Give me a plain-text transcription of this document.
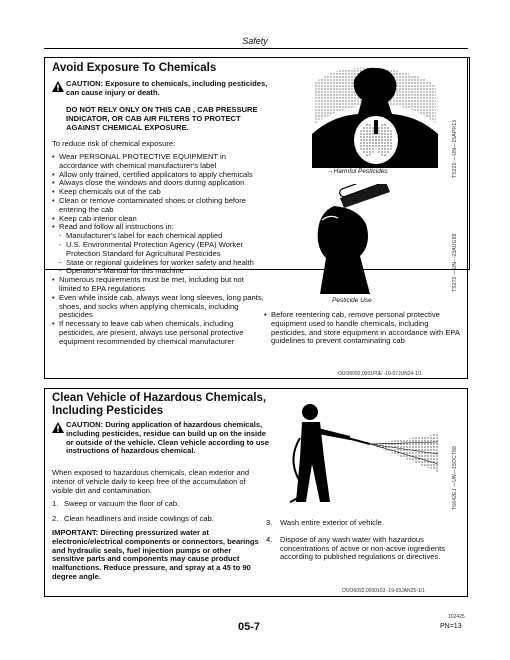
Safety
Avoid Exposure To Chemicals
CAUTION: Exposure to chemicals, including pesticides, can cause injury or death.
DO NOT RELY ONLY ON THIS CAB , CAB PRESSURE INDICATOR, OR CAB AIR FILTERS TO PROTECT AGAINST CHEMICAL EXPOSURE.
To reduce risk of chemical exposure:
• Wear PERSONAL PROTECTIVE EQUIPMENT in accordance with chemical manufacturer's label
• Allow only trained, certified applicators to apply chemicals
• Always close the windows and doors during application
• Keep chemicals out of the cab
• Clean or remove contaminated shoes or clothing before entering the cab
• Keep cab interior clean
• Read and follow all instructions in:
- Manufacturer's label for each chemical applied
- U.S. Environmental Protection Agency (EPA) Worker Protection Standard for Agricultural Pesticides
- State or regional guidelines for worker safety and health
- Operator's Manual for this machine
• Numerous requirements must be met, including but not limited to EPA regulations
• Even while inside cab, always wear long sleeves, long pants, shoes, and socks when applying chemicals, including pesticides
• If necessary to leave cab when chemicals, including pesticides, are present, always use personal protective equipment recommended by chemical manufacturer
→Harmful Pesticides	TS220 —UN—15APR13
TS272 —UN—23AUG88
Pesticide Use
• Before reentering cab, remove personal protective equipment used to handle chemicals, including pesticides, and store equipment in accordance with EPA guidelines to prevent contaminating cab
OUO6092,0001F0E -19-07JUN24-1/1
Clean Vehicle of Hazardous Chemicals, Including Pesticides
CAUTION: During application of hazardous chemicals, including pesticides, residue can build up on the inside or outside of the vehicle. Clean vehicle according to use instructions of hazardous chemical.
When exposed to hazardous chemicals, clean exterior and interior of vehicle daily to keep free of the accumulation of visible dirt and contamination.
1. Sweep or vacuum the floor of cab.
2. Clean headliners and inside cowlings of cab.
IMPORTANT: Directing pressurized water at electronic/electrical components or connectors, bearings and hydraulic seals, fuel injection pumps or other sensitive parts and components may cause product malfunctions. Reduce pressure, and spray at a 45 to 90 degree angle.
T6642EJ —UN—18OCT88
3.	Wash entire exterior of vehicle.
4.	Dispose of any wash water with hazardous concentrations of active or non-active ingredients according to published regulations or directives.
OUO6092,0000103 -19-03JAN25-1/1
05-7
102425
PN=13
